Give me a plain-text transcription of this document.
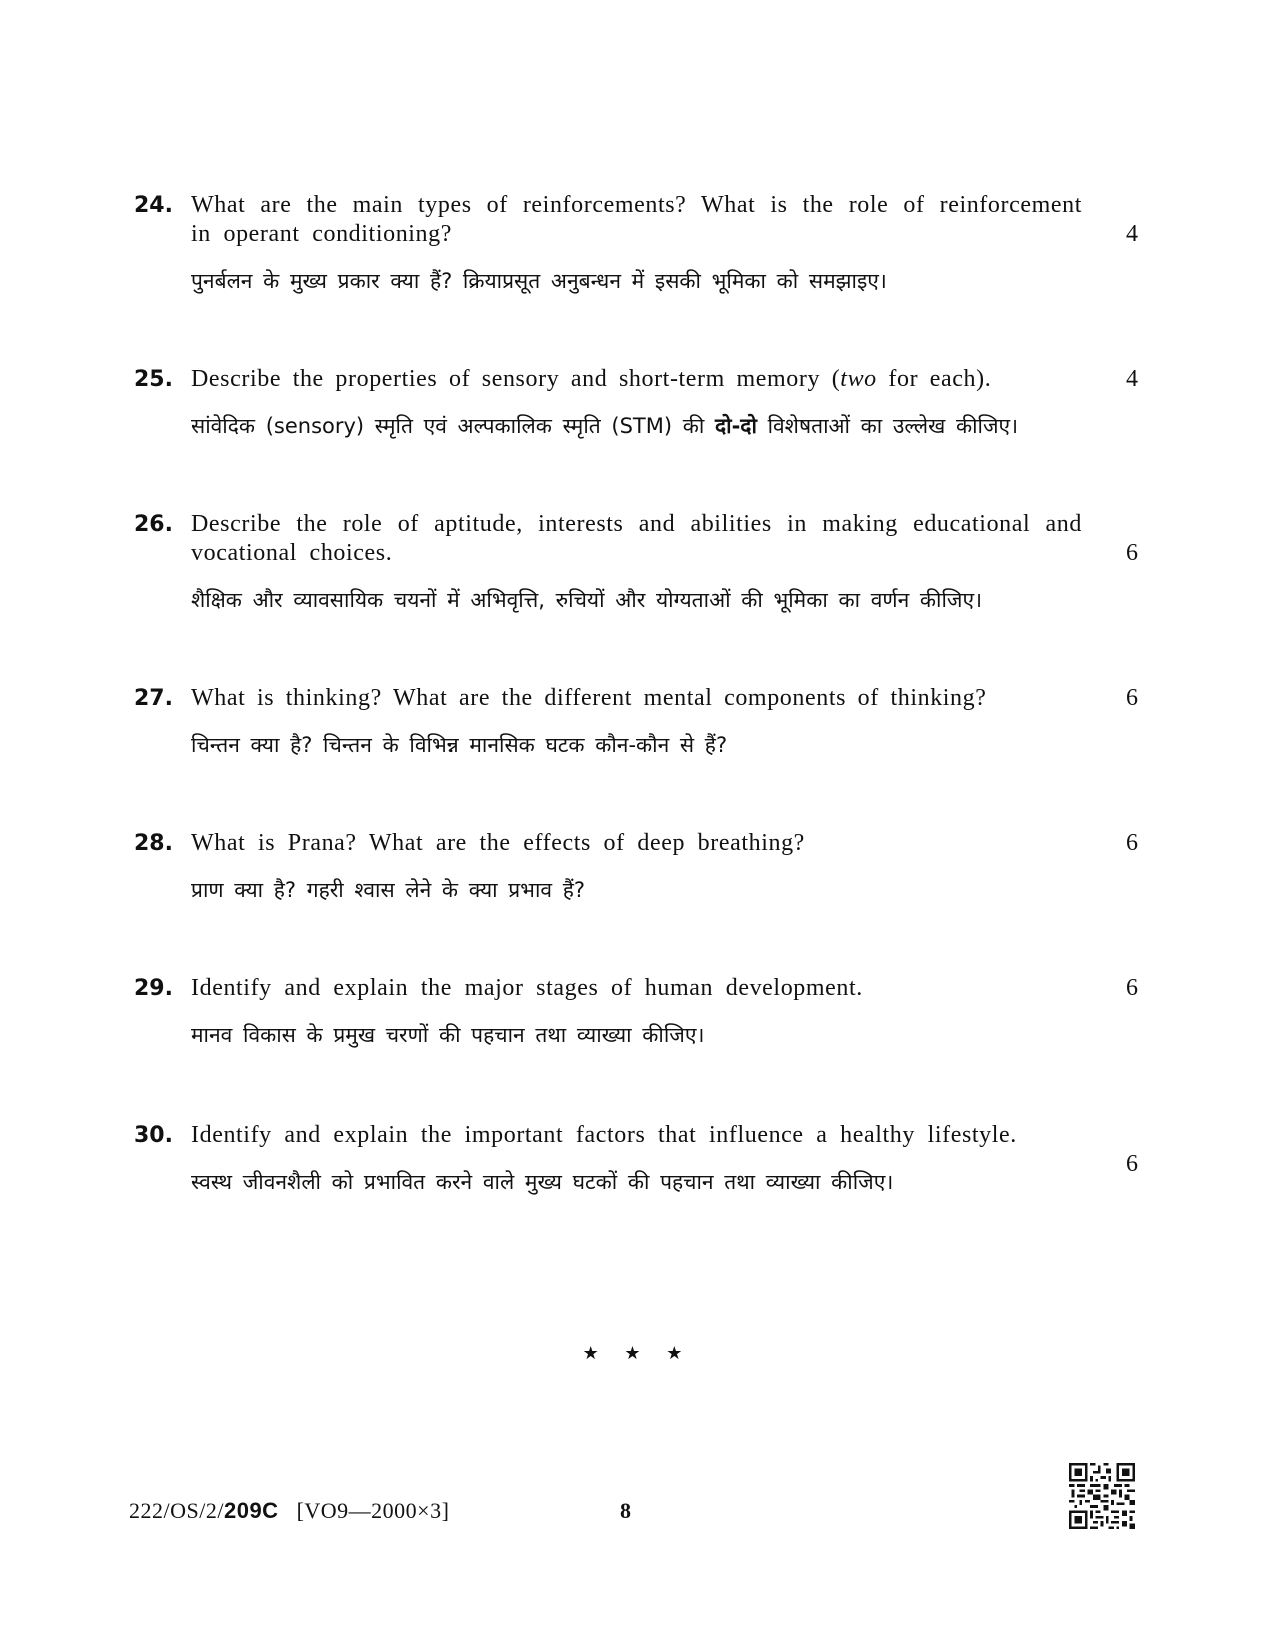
24. What are the main types of reinforcements? What is the role of reinforcement in operant conditioning?	4
पुनर्बलन के मुख्य प्रकार क्या हैं? क्रियाप्रसूत अनुबन्धन में इसकी भूमिका को समझाइए।
25. Describe the properties of sensory and short-term memory (two for each).	4
सांवेदिक (sensory) स्मृति एवं अल्पकालिक स्मृति (STM) की दो-दो विशेषताओं का उल्लेख कीजिए।
26. Describe the role of aptitude, interests and abilities in making educational and vocational choices.	6
शैक्षिक और व्यावसायिक चयनों में अभिवृत्ति, रुचियों और योग्यताओं की भूमिका का वर्णन कीजिए।
27. What is thinking? What are the different mental components of thinking?	6
चिन्तन क्या है? चिन्तन के विभिन्न मानसिक घटक कौन-कौन से हैं?
28. What is Prana? What are the effects of deep breathing?	6
प्राण क्या है? गहरी श्वास लेने के क्या प्रभाव हैं?
29. Identify and explain the major stages of human development.	6
मानव विकास के प्रमुख चरणों की पहचान तथा व्याख्या कीजिए।
30. Identify and explain the important factors that influence a healthy lifestyle.
6
स्वस्थ जीवनशैली को प्रभावित करने वाले मुख्य घटकों की पहचान तथा व्याख्या कीजिए।
★ ★ ★
222/OS/2/209C [VO9—2000×3]	8
